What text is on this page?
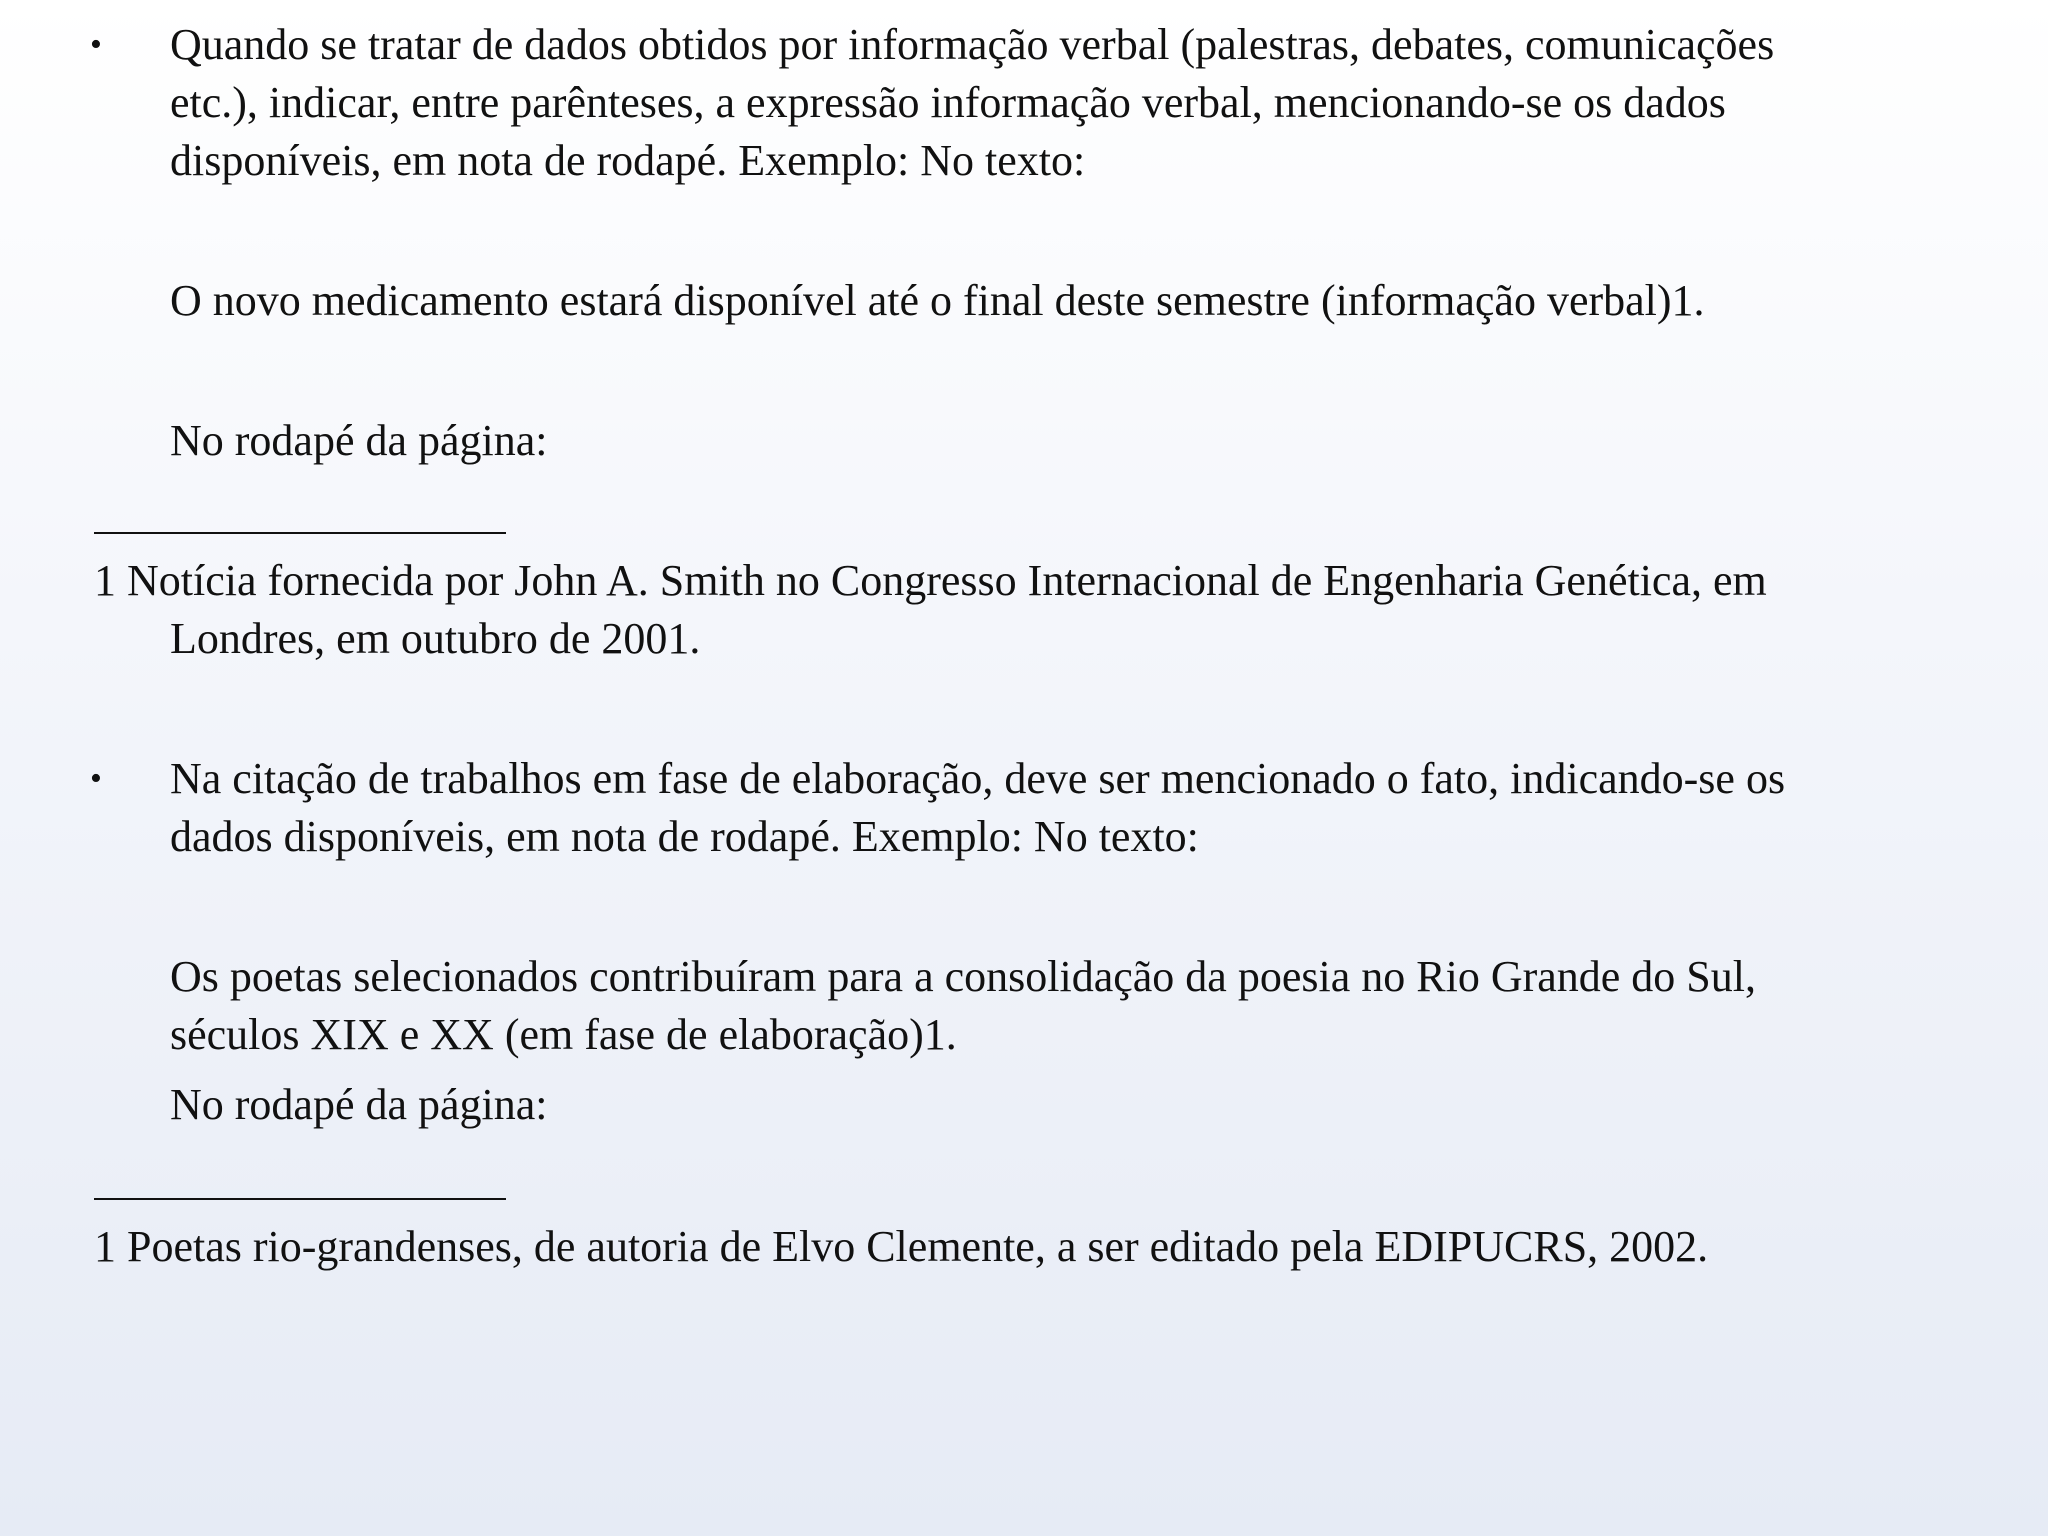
• Quando se tratar de dados obtidos por informação verbal (palestras, debates, comunicações
etc.), indicar, entre parênteses, a expressão informação verbal, mencionando-se os dados
disponíveis, em nota de rodapé. Exemplo: No texto:
O novo medicamento estará disponível até o final deste semestre (informação verbal)1.
No rodapé da página:
1 Notícia fornecida por John A. Smith no Congresso Internacional de Engenharia Genética, em
Londres, em outubro de 2001.
• Na citação de trabalhos em fase de elaboração, deve ser mencionado o fato, indicando-se os
dados disponíveis, em nota de rodapé. Exemplo: No texto:
Os poetas selecionados contribuíram para a consolidação da poesia no Rio Grande do Sul,
séculos XIX e XX (em fase de elaboração)1.
No rodapé da página:
1 Poetas rio-grandenses, de autoria de Elvo Clemente, a ser editado pela EDIPUCRS, 2002.
